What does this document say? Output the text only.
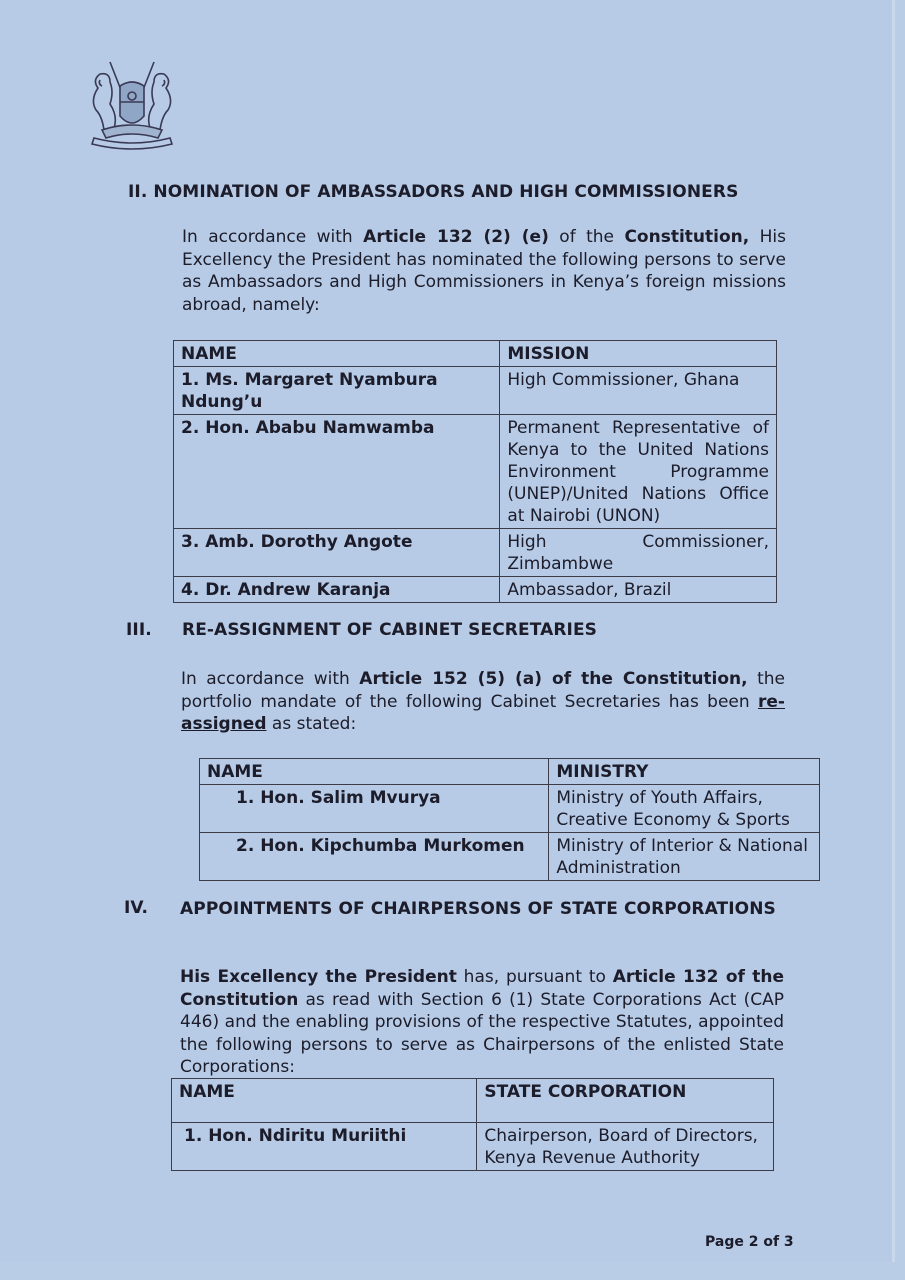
II. NOMINATION OF AMBASSADORS AND HIGH COMMISSIONERS
In accordance with Article 132 (2) (e) of the Constitution, His Excellency the President has nominated the following persons to serve as Ambassadors and High Commissioners in Kenya’s foreign missions abroad, namely:
NAME	MISSION
1. Ms. Margaret Nyambura Ndung’u	High Commissioner, Ghana
2. Hon. Ababu Namwamba	Permanent Representative of Kenya to the United Nations Environment Programme (UNEP)/United Nations Office at Nairobi (UNON)
3. Amb. Dorothy Angote	High Commissioner, Zimbambwe
4. Dr. Andrew Karanja	Ambassador, Brazil
III. RE-ASSIGNMENT OF CABINET SECRETARIES
In accordance with Article 152 (5) (a) of the Constitution, the portfolio mandate of the following Cabinet Secretaries has been re-assigned as stated:
NAME	MINISTRY
1. Hon. Salim Mvurya	Ministry of Youth Affairs, Creative Economy & Sports
2. Hon. Kipchumba Murkomen	Ministry of Interior & National Administration
IV. APPOINTMENTS OF CHAIRPERSONS OF STATE CORPORATIONS
His Excellency the President has, pursuant to Article 132 of the Constitution as read with Section 6 (1) State Corporations Act (CAP 446) and the enabling provisions of the respective Statutes, appointed the following persons to serve as Chairpersons of the enlisted State Corporations:
NAME	STATE CORPORATION
1. Hon. Ndiritu Muriithi	Chairperson, Board of Directors, Kenya Revenue Authority
Page 2 of 3
